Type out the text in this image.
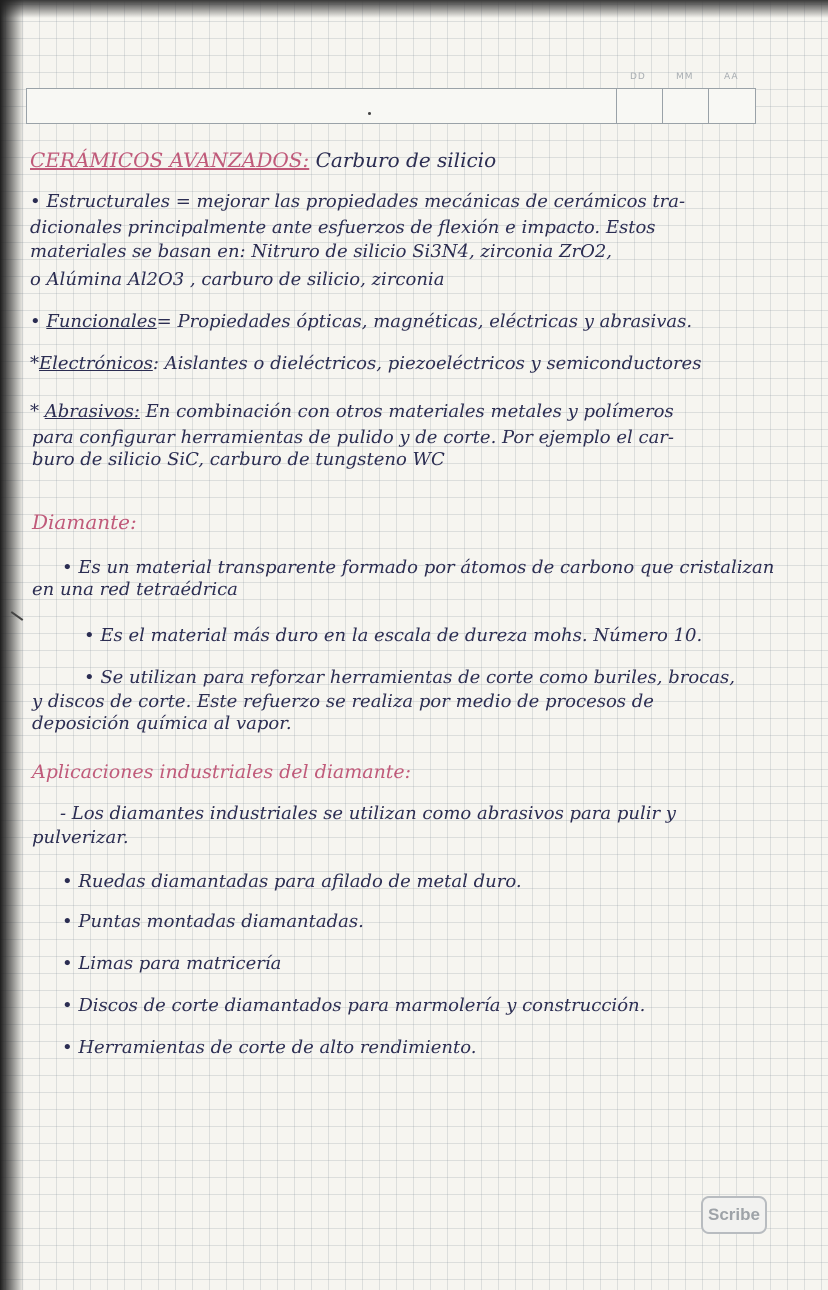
DD	MM	AA
CERÁMICOS AVANZADOS: Carburo de silicio
• Estructurales = mejorar las propiedades mecánicas de cerámicos tra-
dicionales principalmente ante esfuerzos de flexión e impacto. Estos
materiales se basan en: Nitruro de silicio Si3N4, zirconia ZrO2,
o Alúmina Al2O3 , carburo de silicio, zirconia
• Funcionales= Propiedades ópticas, magnéticas, eléctricas y abrasivas.
*Electrónicos: Aislantes o dieléctricos, piezoeléctricos y semiconductores
* Abrasivos: En combinación con otros materiales metales y polímeros
para configurar herramientas de pulido y de corte. Por ejemplo el car-
buro de silicio SiC, carburo de tungsteno WC
Diamante:
• Es un material transparente formado por átomos de carbono que cristalizan
en una red tetraédrica
• Es el material más duro en la escala de dureza mohs. Número 10.
• Se utilizan para reforzar herramientas de corte como buriles, brocas,
y discos de corte. Este refuerzo se realiza por medio de procesos de
deposición química al vapor.
Aplicaciones industriales del diamante:
- Los diamantes industriales se utilizan como abrasivos para pulir y
pulverizar.
• Ruedas diamantadas para afilado de metal duro.
• Puntas montadas diamantadas.
• Limas para matricería
• Discos de corte diamantados para marmolería y construcción.
• Herramientas de corte de alto rendimiento.
Scribe
